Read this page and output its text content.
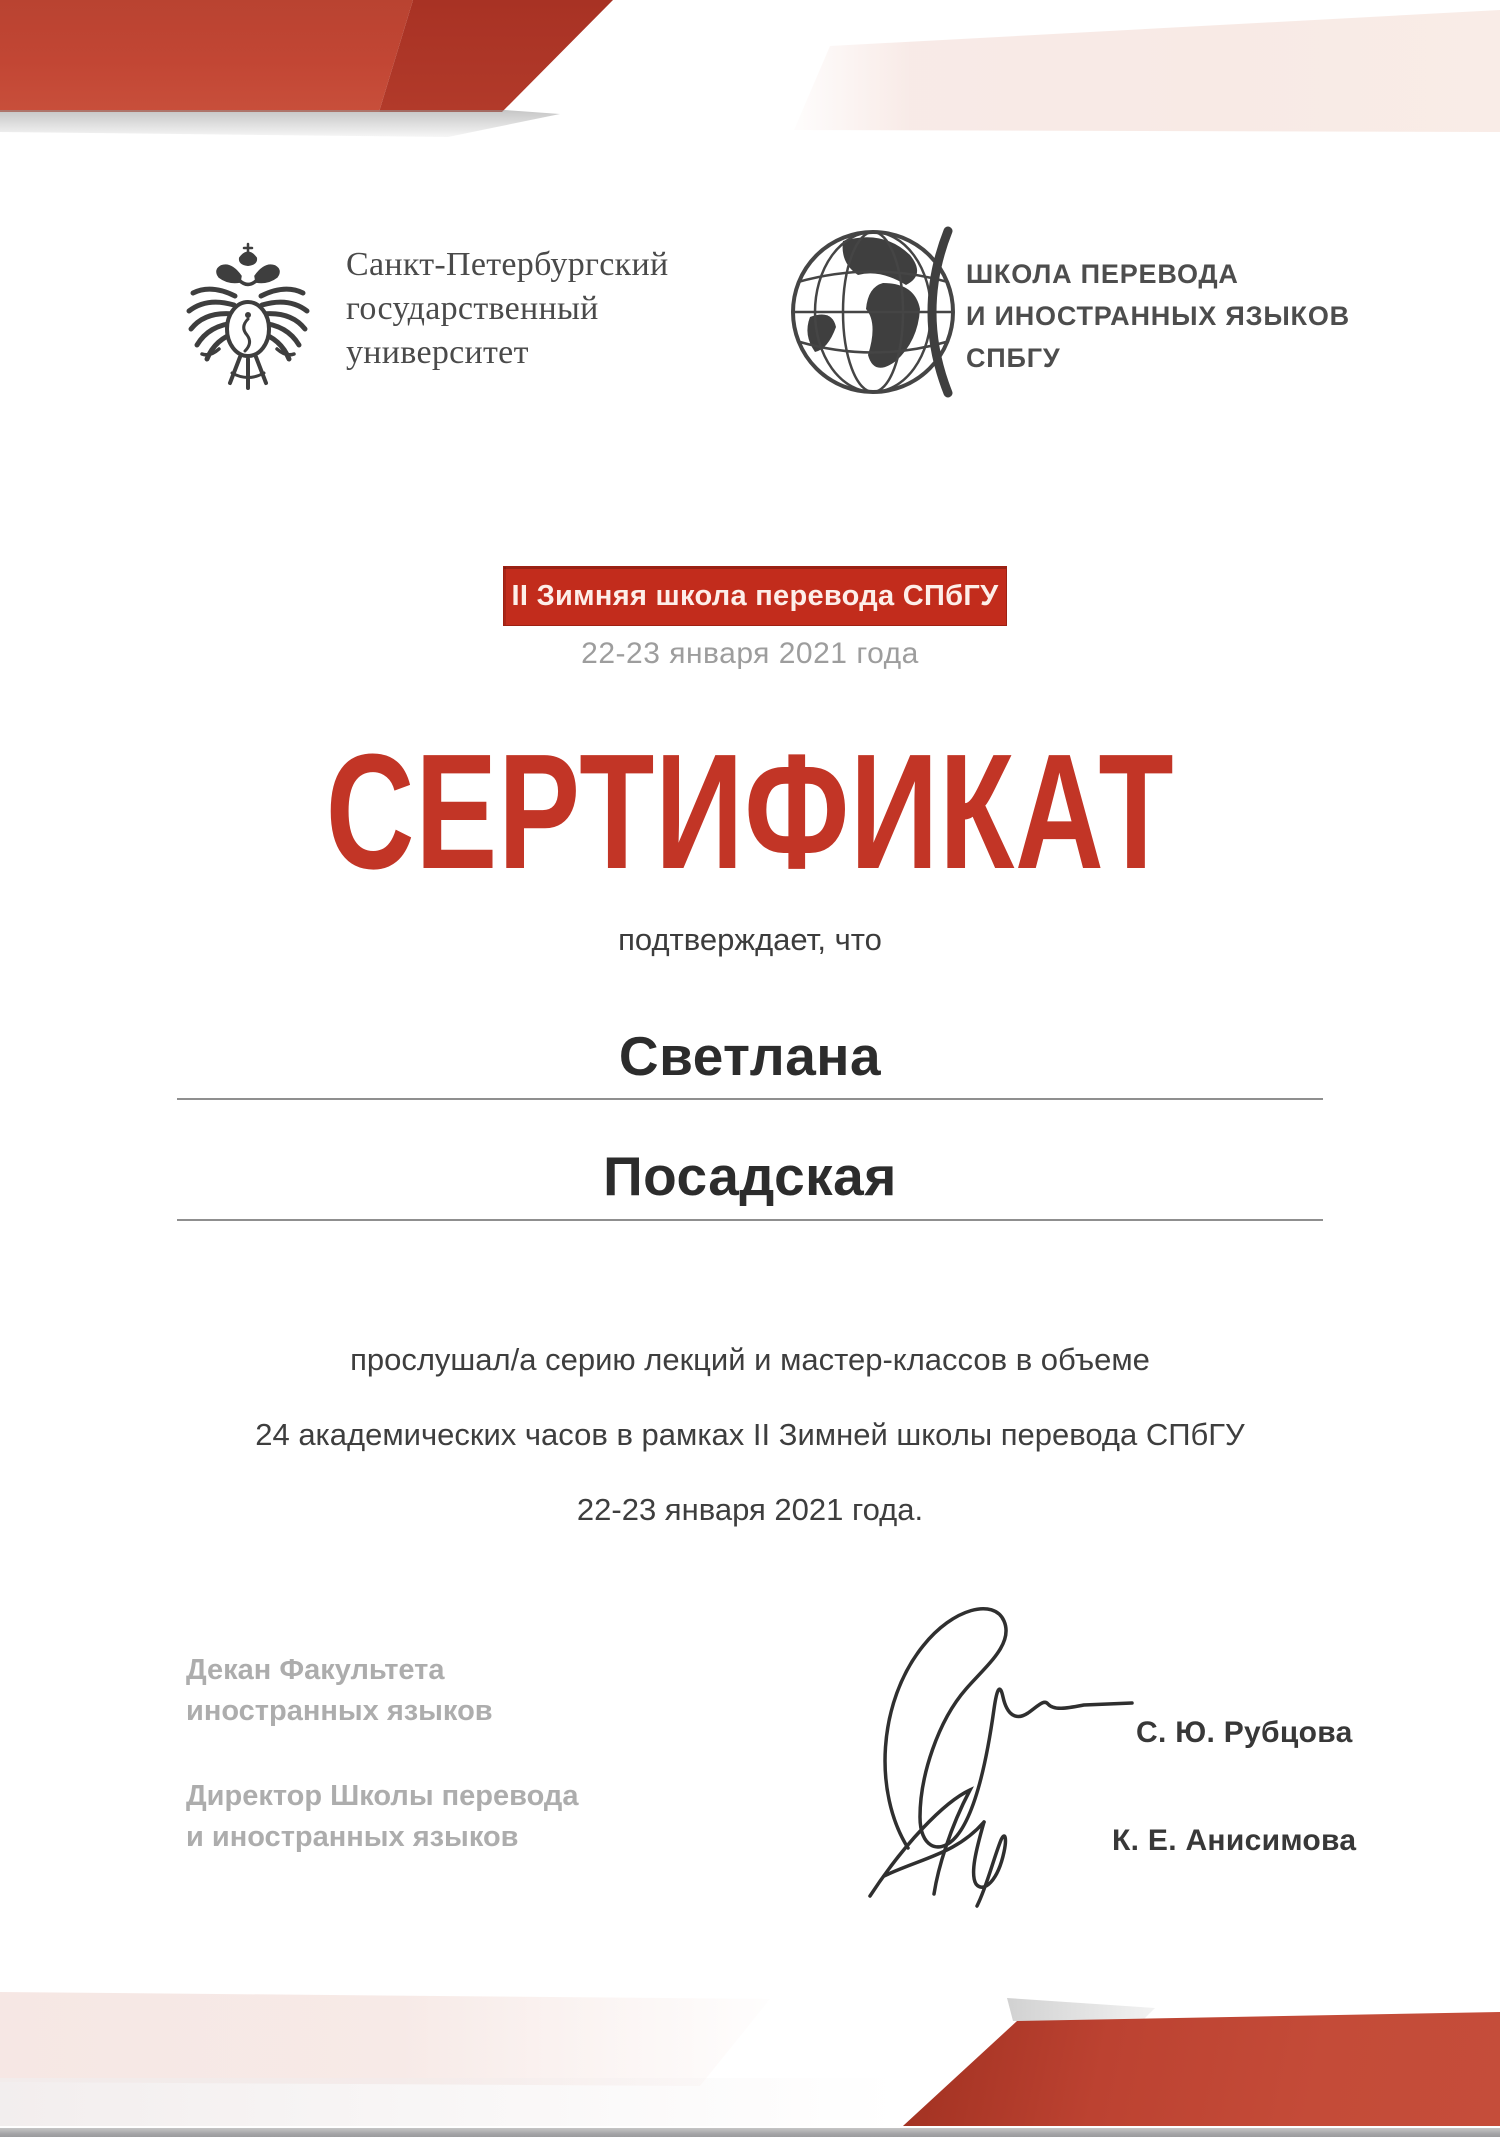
Санкт-Петербургский
государственный
университет
ШКОЛА ПЕРЕВОДА
И ИНОСТРАННЫХ ЯЗЫКОВ
СПБГУ
II Зимняя школа перевода СПбГУ
22-23 января 2021 года
СЕРТИФИКАТ
подтверждает, что
Светлана
Посадская
прослушал/а серию лекций и мастер-классов в объеме
24 академических часов в рамках II Зимней школы перевода СПбГУ
22-23 января 2021 года.
Декан Факультета
иностранных языков
Директор Школы перевода
и иностранных языков
С. Ю. Рубцова
К. Е. Анисимова
